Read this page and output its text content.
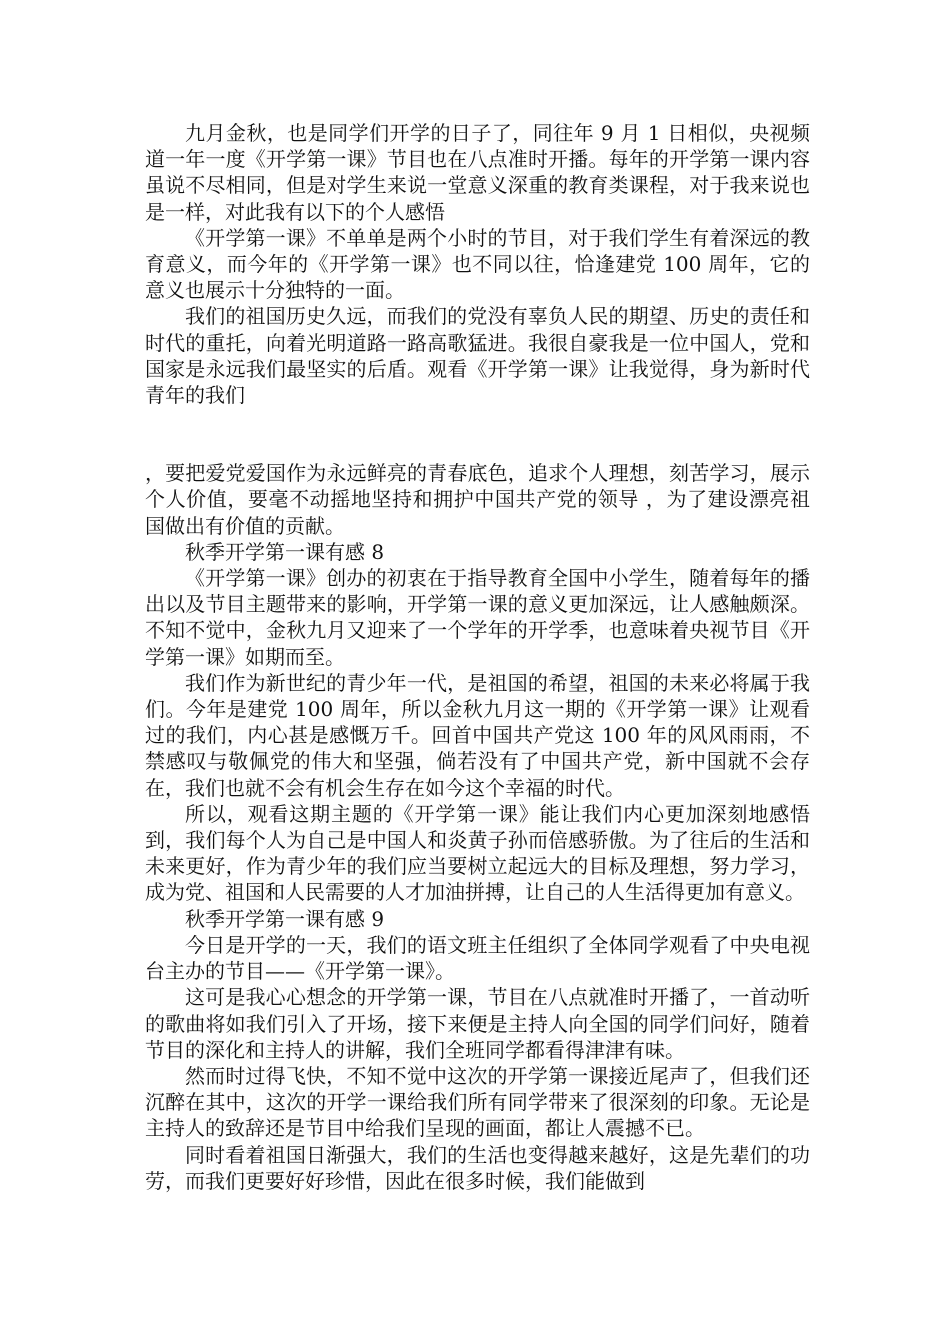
九月金秋，也是同学们开学的日子了，同往年 9 月 1 日相似，央视频道一年一度《开学第一课》节目也在八点准时开播。每年的开学第一课内容虽说不尽相同，但是对学生来说一堂意义深重的教育类课程，对于我来说也是一样，对此我有以下的个人感悟

《开学第一课》不单单是两个小时的节目，对于我们学生有着深远的教育意义，而今年的《开学第一课》也不同以往，恰逢建党 100 周年，它的意义也展示十分独特的一面。

我们的祖国历史久远，而我们的党没有辜负人民的期望、历史的责任和时代的重托，向着光明道路一路高歌猛进。我很自豪我是一位中国人，党和国家是永远我们最坚实的后盾。观看《开学第一课》让我觉得，身为新时代青年的我们

，要把爱党爱国作为永远鲜亮的青春底色，追求个人理想，刻苦学习，展示个人价值，要毫不动摇地坚持和拥护中国共产党的领导 ，为了建设漂亮祖国做出有价值的贡献。

秋季开学第一课有感 8

《开学第一课》创办的初衷在于指导教育全国中小学生，随着每年的播出以及节目主题带来的影响，开学第一课的意义更加深远，让人感触颇深。不知不觉中，金秋九月又迎来了一个学年的开学季，也意味着央视节目《开学第一课》如期而至。

我们作为新世纪的青少年一代，是祖国的希望，祖国的未来必将属于我们。今年是建党 100 周年，所以金秋九月这一期的《开学第一课》让观看过的我们，内心甚是感慨万千。回首中国共产党这 100 年的风风雨雨，不禁感叹与敬佩党的伟大和坚强，倘若没有了中国共产党，新中国就不会存在，我们也就不会有机会生存在如今这个幸福的时代。

所以，观看这期主题的《开学第一课》能让我们内心更加深刻地感悟到，我们每个人为自己是中国人和炎黄子孙而倍感骄傲。为了往后的生活和未来更好，作为青少年的我们应当要树立起远大的目标及理想，努力学习，成为党、祖国和人民需要的人才加油拼搏，让自己的人生活得更加有意义。

秋季开学第一课有感 9

今日是开学的一天，我们的语文班主任组织了全体同学观看了中央电视台主办的节目——《开学第一课》。

这可是我心心想念的开学第一课，节目在八点就准时开播了，一首动听的歌曲将如我们引入了开场，接下来便是主持人向全国的同学们问好，随着节目的深化和主持人的讲解，我们全班同学都看得津津有味。

然而时过得飞快，不知不觉中这次的开学第一课接近尾声了，但我们还沉醉在其中，这次的开学一课给我们所有同学带来了很深刻的印象。无论是主持人的致辞还是节目中给我们呈现的画面，都让人震撼不已。

同时看着祖国日渐强大，我们的生活也变得越来越好，这是先辈们的功劳，而我们更要好好珍惜，因此在很多时候，我们能做到
